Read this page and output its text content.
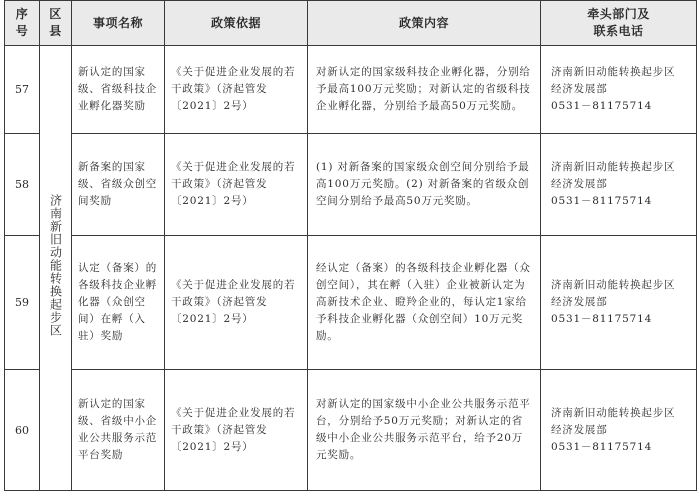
序号	区县	事项名称	政策依据	政策内容	牵头部门及
联系电话

57	济南新旧动能转换起步区	新认定的国家级、省级科技企业孵化器奖励	《关于促进企业发展的若干政策》（济起管发〔2021〕2号）	对新认定的国家级科技企业孵化器，分别给予最高100万元奖励；对新认定的省级科技企业孵化器，分别给予最高50万元奖励。	济南新旧动能转换起步区经济发展部
0531－81175714
58		新备案的国家级、省级众创空间奖励	《关于促进企业发展的若干政策》（济起管发〔2021〕2号）	(1) 对新备案的国家级众创空间分别给予最高100万元奖励。(2) 对新备案的省级众创空间分别给予最高50万元奖励。	济南新旧动能转换起步区经济发展部
0531－81175714
59		认定（备案）的各级科技企业孵化器（众创空间）在孵（入驻）奖励	《关于促进企业发展的若干政策》（济起管发〔2021〕2号）	经认定（备案）的各级科技企业孵化器（众创空间），其在孵（入驻）企业被新认定为高新技术企业、瞪羚企业的，每认定1家给予科技企业孵化器（众创空间）10万元奖励。	济南新旧动能转换起步区经济发展部
0531－81175714
60		新认定的国家级、省级中小企业公共服务示范平台奖励	《关于促进企业发展的若干政策》（济起管发〔2021〕2号）	对新认定的国家级中小企业公共服务示范平台，分别给予50万元奖励；对新认定的省级中小企业公共服务示范平台，给予20万元奖励。	济南新旧动能转换起步区经济发展部
0531－81175714
